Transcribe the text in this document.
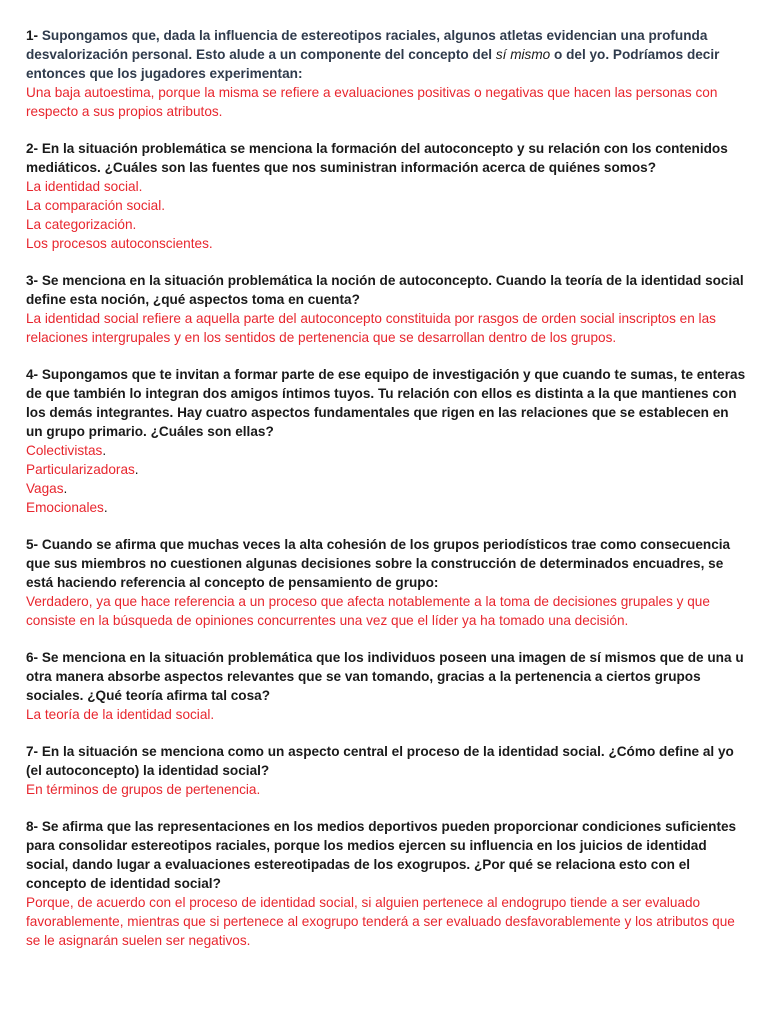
1- Supongamos que, dada la influencia de estereotipos raciales, algunos atletas evidencian una profunda desvalorización personal. Esto alude a un componente del concepto del sí mismo o del yo. Podríamos decir entonces que los jugadores experimentan:
Una baja autoestima, porque la misma se refiere a evaluaciones positivas o negativas que hacen las personas con respecto a sus propios atributos.
2- En la situación problemática se menciona la formación del autoconcepto y su relación con los contenidos mediáticos. ¿Cuáles son las fuentes que nos suministran información acerca de quiénes somos?
La identidad social.
La comparación social.
La categorización.
Los procesos autoconscientes.
3- Se menciona en la situación problemática la noción de autoconcepto. Cuando la teoría de la identidad social define esta noción, ¿qué aspectos toma en cuenta?
La identidad social refiere a aquella parte del autoconcepto constituida por rasgos de orden social inscriptos en las relaciones intergrupales y en los sentidos de pertenencia que se desarrollan dentro de los grupos.
4- Supongamos que te invitan a formar parte de ese equipo de investigación y que cuando te sumas, te enteras de que también lo integran dos amigos íntimos tuyos. Tu relación con ellos es distinta a la que mantienes con los demás integrantes. Hay cuatro aspectos fundamentales que rigen en las relaciones que se establecen en un grupo primario. ¿Cuáles son ellas?
Colectivistas.
Particularizadoras.
Vagas.
Emocionales.
5- Cuando se afirma que muchas veces la alta cohesión de los grupos periodísticos trae como consecuencia que sus miembros no cuestionen algunas decisiones sobre la construcción de determinados encuadres, se está haciendo referencia al concepto de pensamiento de grupo:
Verdadero, ya que hace referencia a un proceso que afecta notablemente a la toma de decisiones grupales y que consiste en la búsqueda de opiniones concurrentes una vez que el líder ya ha tomado una decisión.
6- Se menciona en la situación problemática que los individuos poseen una imagen de sí mismos que de una u otra manera absorbe aspectos relevantes que se van tomando, gracias a la pertenencia a ciertos grupos sociales. ¿Qué teoría afirma tal cosa?
La teoría de la identidad social.
7- En la situación se menciona como un aspecto central el proceso de la identidad social. ¿Cómo define al yo (el autoconcepto) la identidad social?
En términos de grupos de pertenencia.
8- Se afirma que las representaciones en los medios deportivos pueden proporcionar condiciones suficientes para consolidar estereotipos raciales, porque los medios ejercen su influencia en los juicios de identidad social, dando lugar a evaluaciones estereotipadas de los exogrupos. ¿Por qué se relaciona esto con el concepto de identidad social?
Porque, de acuerdo con el proceso de identidad social, si alguien pertenece al endogrupo tiende a ser evaluado favorablemente, mientras que si pertenece al exogrupo tenderá a ser evaluado desfavorablemente y los atributos que se le asignarán suelen ser negativos.
